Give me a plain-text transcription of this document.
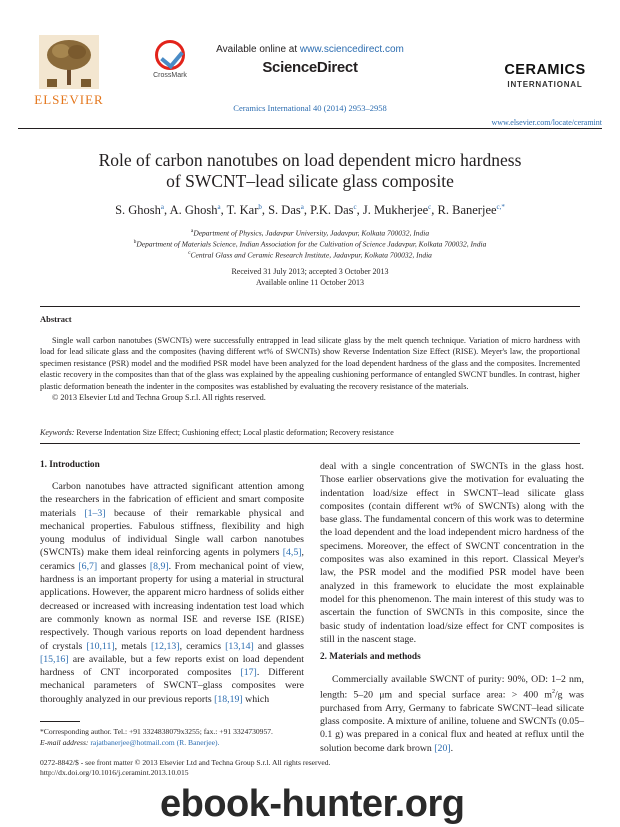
ELSEVIER
CrossMark
Available online at www.sciencedirect.com
ScienceDirect
Ceramics International 40 (2014) 2953–2958
CERAMICS
INTERNATIONAL
www.elsevier.com/locate/ceramint
Role of carbon nanotubes on load dependent micro hardness
of SWCNT–lead silicate glass composite
S. Ghosh$^a$, A. Ghosh$^a$, T. Kar$^b$, S. Das$^a$, P.K. Das$^c$, J. Mukherjee$^c$, R. Banerjee$^{c,*}$
$^a$Department of Physics, Jadavpur University, Jadavpur, Kolkata 700032, India
$^b$Department of Materials Science, Indian Association for the Cultivation of Science Jadavpur, Kolkata 700032, India
$^c$Central Glass and Ceramic Research Institute, Jadavpur, Kolkata 700032, India
Received 31 July 2013; accepted 3 October 2013
Available online 11 October 2013
Abstract

Single wall carbon nanotubes (SWCNTs) were successfully entrapped in lead silicate glass by the melt quench technique. Variation of micro hardness with load for lead silicate glass and the composites (having different wt% of SWCNTs) show Reverse Indentation Size Effect (RISE). Meyer's law, the proportional specimen resistance (PSR) model and the modified PSR model have been analyzed for the load dependent hardness of the glass and the composites. Incremented elastic recovery in the composites than that of the glass was explained by the appealing cushioning performance of entangled SWCNT bundles. In contrast, higher plastic deformation beneath the indenter in the composites was established by evaluating the recovery resistance of the materials.

© 2013 Elsevier Ltd and Techna Group S.r.l. All rights reserved.

Keywords: Reverse Indentation Size Effect; Cushioning effect; Local plastic deformation; Recovery resistance
1. Introduction

Carbon nanotubes have attracted significant attention among the researchers in the fabrication of efficient and smart composite materials [1–3] because of their remarkable physical and mechanical properties. Fabulous stiffness, flexibility and high young modulus of individual Single wall carbon nanotubes (SWCNTs) make them ideal reinforcing agents in polymers [4,5], ceramics [6,7] and glasses [8,9]. From mechanical point of view, hardness is an important property for using a material in structural applications. However, the apparent micro hardness of solids either decreased or increased with increasing indentation test load which are commonly known as normal ISE and reverse ISE (RISE) respectively. Though various reports on load dependent hardness of crystals [10,11], metals [12,13], ceramics [13,14] and glasses [15,16] are available, but a few reports exist on load dependent hardness of CNT incorporated composites [17]. Different mechanical parameters of SWCNT–glass composites were thoroughly analyzed in our previous reports [18,19] which

deal with a single concentration of SWCNTs in the glass host. Those earlier observations give the motivation for evaluating the indentation load/size effect in SWCNT–lead silicate glass composites (contain different wt% of SWCNTs) along with the base glass. The fundamental concern of this work was to determine the load dependent and the load independent micro hardness of the specimens. Moreover, the effect of SWCNT concentration in the composites was also examined in this report. Classical Meyer's law, the PSR model and the modified PSR model have been analyzed in this framework to elucidate the most explainable model for this phenomenon. The main interest of this study was to ascertain the function of SWCNTs in this composite, since the basic study of indentation load/size effect for CNT composites is still in the nascent stage.

2. Materials and methods

Commercially available SWCNT of purity: 90%, OD: 1–2 nm, length: 5–20 μm and special surface area: > 400 $m^2/g$ was purchased from Arry, Germany to fabricate SWCNT–lead silicate glass composite. A mixture of aniline, toluene and SWCNTs (0.05–0.1 g) was prepared in a conical flux and heated at reflux until the solution become dark brown [20].

*Corresponding author. Tel.: +91 3324838079x3255; fax.: +91 3324730957.
E-mail address: rajatbanerjee@hotmail.com (R. Banerjee).
0272-8842/$ - see front matter © 2013 Elsevier Ltd and Techna Group S.r.l. All rights reserved.
http://dx.doi.org/10.1016/j.ceramint.2013.10.015
ebook-hunter.org
